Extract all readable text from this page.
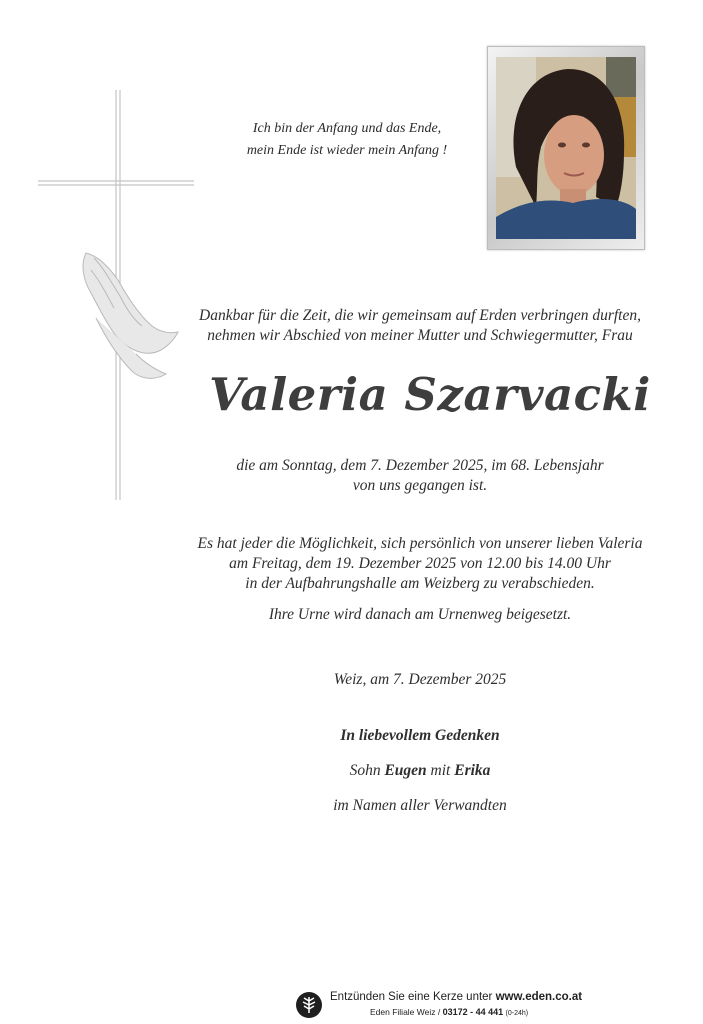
Ich bin der Anfang und das Ende,
mein Ende ist wieder mein Anfang !
Dankbar für die Zeit, die wir gemeinsam auf Erden verbringen durften,
nehmen wir Abschied von meiner Mutter und Schwiegermutter, Frau
Valeria Szarvacki
die am Sonntag, dem 7. Dezember 2025, im 68. Lebensjahr
von uns gegangen ist.
Es hat jeder die Möglichkeit, sich persönlich von unserer lieben Valeria
am Freitag, dem 19. Dezember 2025 von 12.00 bis 14.00 Uhr
in der Aufbahrungshalle am Weizberg zu verabschieden.
Ihre Urne wird danach am Urnenweg beigesetzt.
Weiz, am 7. Dezember 2025
In liebevollem Gedenken
Sohn Eugen mit Erika
im Namen aller Verwandten
Entzünden Sie eine Kerze unter www.eden.co.at
Eden Filiale Weiz / 03172 - 44 441 (0-24h)
